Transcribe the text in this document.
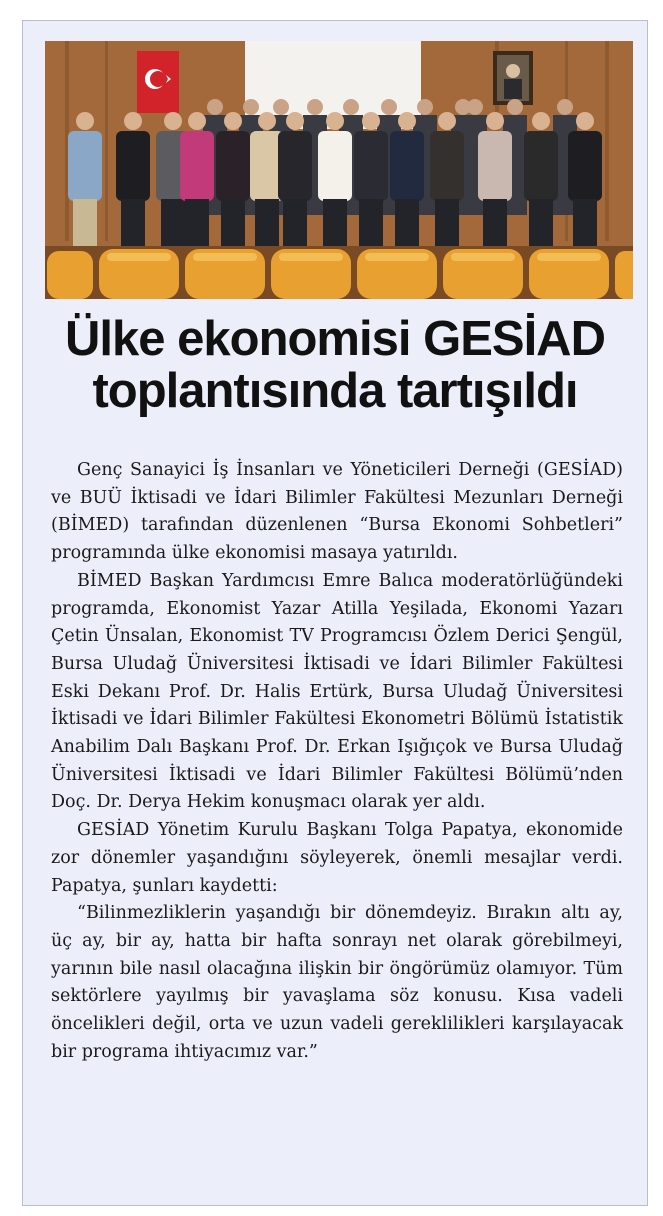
Ülke ekonomisi GESİAD
toplantısında tartışıldı

Genç Sanayici İş İnsanları ve Yöneticileri Derneği (GESİAD) ve BUÜ İktisadi ve İdari Bilimler Fakültesi Mezunları Derneği (BİMED) tarafından düzenlenen “Bursa Ekonomi Sohbetleri” programında ülke ekonomisi masaya yatırıldı.

BİMED Başkan Yardımcısı Emre Balıca moderatörlüğündeki programda, Ekonomist Yazar Atilla Yeşilada, Ekonomi Yazarı Çetin Ünsalan, Ekonomist TV Programcısı Özlem Derici Şengül, Bursa Uludağ Üniversitesi İktisadi ve İdari Bilimler Fakültesi Eski Dekanı Prof. Dr. Halis Ertürk, Bursa Uludağ Üniversitesi İktisadi ve İdari Bilimler Fakültesi Ekonometri Bölümü İstatistik Anabilim Dalı Başkanı Prof. Dr. Erkan Işığıçok ve Bursa Uludağ Üniversitesi İktisadi ve İdari Bilimler Fakültesi Bölümü’nden Doç. Dr. Derya Hekim konuşmacı olarak yer aldı.

GESİAD Yönetim Kurulu Başkanı Tolga Papatya, ekonomide zor dönemler yaşandığını söyleyerek, önemli mesajlar verdi. Papatya, şunları kaydetti:

“Bilinmezliklerin yaşandığı bir dönemdeyiz. Bırakın altı ay, üç ay, bir ay, hatta bir hafta sonrayı net olarak görebilmeyi, yarının bile nasıl olacağına ilişkin bir öngörümüz olamıyor. Tüm sektörlere yayılmış bir yavaşlama söz konusu. Kısa vadeli öncelikleri değil, orta ve uzun vadeli gereklilikleri karşılayacak bir programa ihtiyacımız var.”
